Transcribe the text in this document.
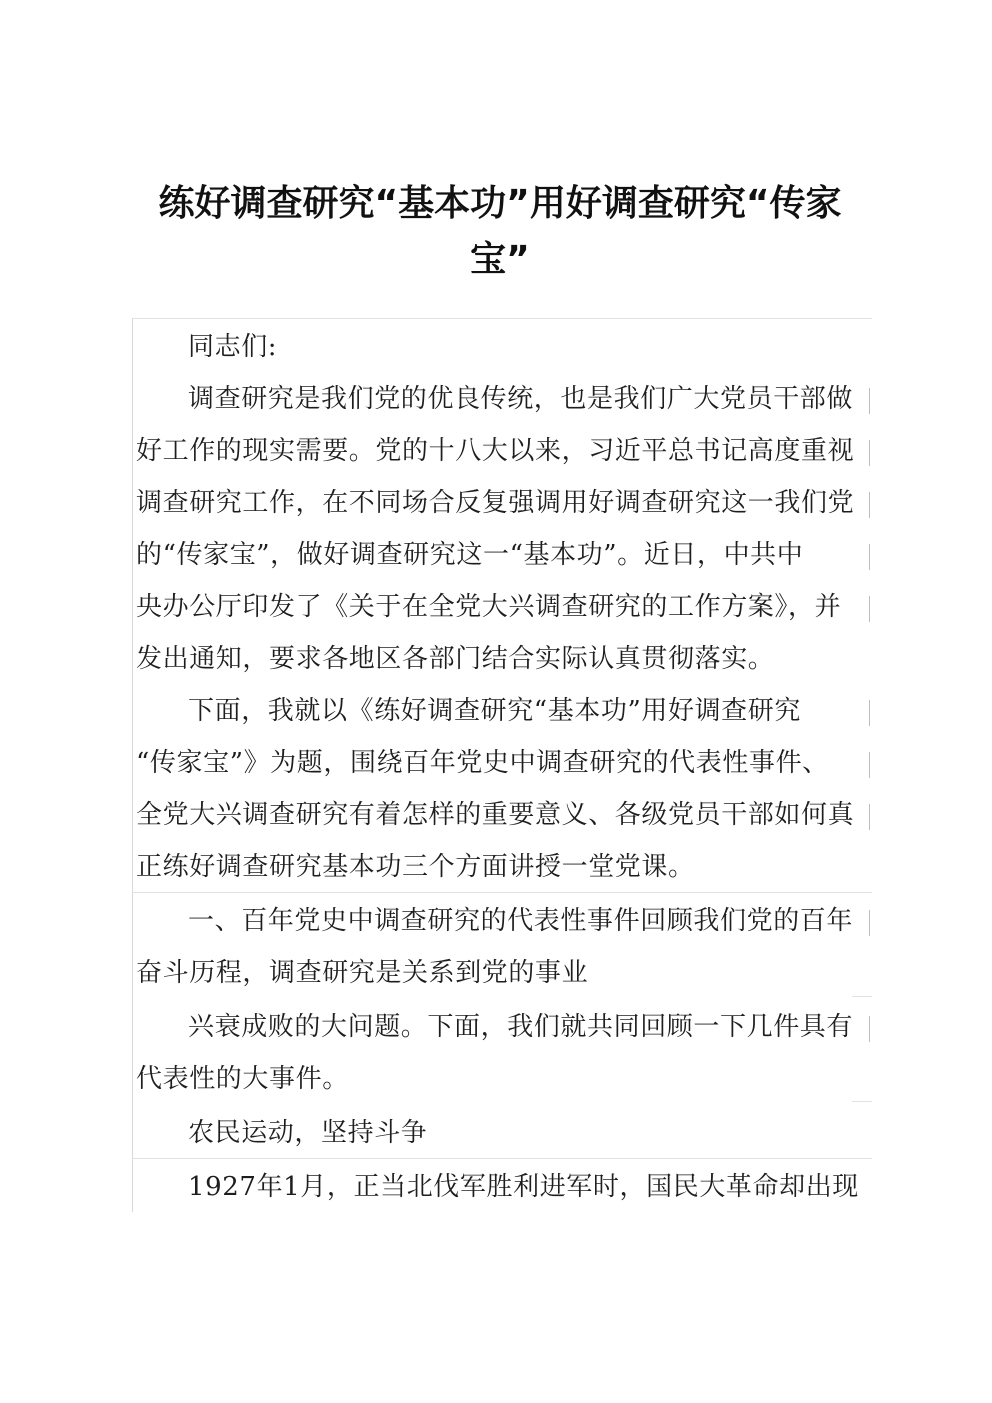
练好调查研究“基本功”用好调查研究“传家
宝”
同志们:
调查研究是我们党的优良传统，也是我们广大党员干部做
好工作的现实需要。党的十八大以来，习近平总书记高度重视
调查研究工作，在不同场合反复强调用好调查研究这一我们党
的“传家宝”，做好调查研究这一“基本功”。近日，中共中
央办公厅印发了《关于在全党大兴调查研究的工作方案》，并
发出通知，要求各地区各部门结合实际认真贯彻落实。
下面，我就以《练好调查研究“基本功”用好调查研究
“传家宝”》为题，围绕百年党史中调查研究的代表性事件、
全党大兴调查研究有着怎样的重要意义、各级党员干部如何真
正练好调查研究基本功三个方面讲授一堂党课。
一、百年党史中调查研究的代表性事件回顾我们党的百年
奋斗历程，调查研究是关系到党的事业
兴衰成败的大问题。下面，我们就共同回顾一下几件具有
代表性的大事件。
农民运动，坚持斗争
1927年1月，正当北伐军胜利进军时，国民大革命却出现
